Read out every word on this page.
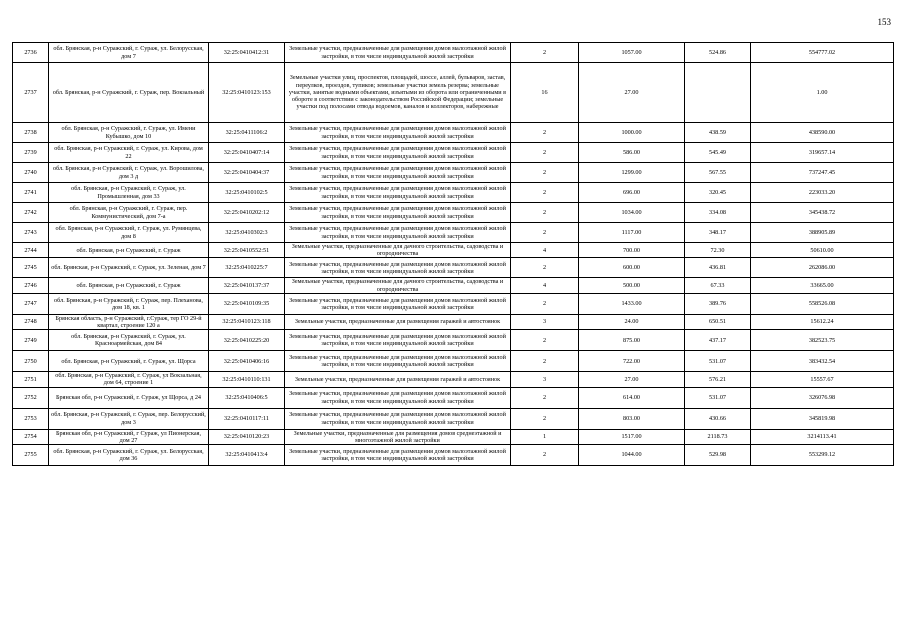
153
2736	обл. Брянская, р-н Суражский, г. Сураж, ул. Белорусская, дом 7	32:25:0410412:31	Земельные участки, предназначенные для размещения домов малоэтажной жилой застройки, в том числе индивидуальной жилой застройки	2	1057.00	524.86	554777.02
2737	обл. Брянская, р-н Суражский, г. Сураж, пер. Вокзальный	32:25:0410123:153	Земельные участки улиц, проспектов, площадей, шоссе, аллей, бульваров, застав, переулков, проездов, тупиков; земельные участки земель резерва; земельные участки, занятые водными объектами, изъятыми из оборота или ограниченными в обороте в соответствии с законодательством Российской Федерации; земельные участки под полосами отвода водоемов, каналов и коллекторов, набережные	16	27.00		1.00
2738	обл. Брянская, р-н Суражский, г. Сураж, ул. Имени Кубышко, дом 10	32:25:0411106:2	Земельные участки, предназначенные для размещения домов малоэтажной жилой застройки, в том числе индивидуальной жилой застройки	2	1000.00	438.59	438590.00
2739	обл. Брянская, р-н Суражский, г. Сураж, ул. Кирова, дом 22	32:25:0410407:14	Земельные участки, предназначенные для размещения домов малоэтажной жилой застройки, в том числе индивидуальной жилой застройки	2	586.00	545.49	319657.14
2740	обл. Брянская, р-н Суражский, г. Сураж, ул. Ворошилова, дом 3 д	32:25:0410404:37	Земельные участки, предназначенные для размещения домов малоэтажной жилой застройки, в том числе индивидуальной жилой застройки	2	1299.00	567.55	737247.45
2741	обл. Брянская, р-н Суражский, г. Сураж, ул. Промышленная, дом 33	32:25:0410102:5	Земельные участки, предназначенные для размещения домов малоэтажной жилой застройки, в том числе индивидуальной жилой застройки	2	696.00	320.45	223033.20
2742	обл. Брянская, р-н Суражский, г. Сураж, пер. Коммунистический, дом 7-а	32:25:0410202:12	Земельные участки, предназначенные для размещения домов малоэтажной жилой застройки, в том числе индивидуальной жилой застройки	2	1034.00	334.08	345438.72
2743	обл. Брянская, р-н Суражский, г. Сураж, ул. Румянцева, дом 8	32:25:0410302:3	Земельные участки, предназначенные для размещения домов малоэтажной жилой застройки, в том числе индивидуальной жилой застройки	2	1117.00	348.17	388905.89
2744	обл. Брянская, р-н Суражский, г. Сураж	32:25:0410552:51	Земельные участки, предназначенные для дачного строительства, садоводства и огородничества	4	700.00	72.30	50610.00
2745	обл. Брянская, р-н Суражский, г. Сураж, ул. Зеленая, дом 7	32:25:0410225:7	Земельные участки, предназначенные для размещения домов малоэтажной жилой застройки, в том числе индивидуальной жилой застройки	2	600.00	436.81	262086.00
2746	обл. Брянская, р-н Суражский, г. Сураж	32:25:0410137:37	Земельные участки, предназначенные для дачного строительства, садоводства и огородничества	4	500.00	67.33	33665.00
2747	обл. Брянская, р-н Суражский, г. Сураж, пер. Плеханова, дом 18, кв. 1	32:25:0410109:35	Земельные участки, предназначенные для размещения домов малоэтажной жилой застройки, в том числе индивидуальной жилой застройки	2	1433.00	389.76	558526.08
2748	Брянская область, р-н Суражский, г.Сураж, тер ГО 29-й квартал, строение 120 а	32:25:0410123:118	Земельные участки, предназначенные для размещения гаражей и автостоянок	3	24.00	650.51	15612.24
2749	обл. Брянская, р-н Суражский, г. Сураж, ул. Красноармейская, дом 84	32:25:0410225:20	Земельные участки, предназначенные для размещения домов малоэтажной жилой застройки, в том числе индивидуальной жилой застройки	2	875.00	437.17	382523.75
2750	обл. Брянская, р-н Суражский, г. Сураж, ул. Щорса	32:25:0410406:16	Земельные участки, предназначенные для размещения домов малоэтажной жилой застройки, в том числе индивидуальной жилой застройки	2	722.00	531.07	383432.54
2751	обл. Брянская, р-н Суражский, г. Сураж, ул Вокзальная, дом 64, строение 1	32:25:0410110:131	Земельные участки, предназначенные для размещения гаражей и автостоянок	3	27.00	576.21	15557.67
2752	Брянская обл, р-н Суражский, г. Сураж, ул Щорса, д 24	32:25:0410406:5	Земельные участки, предназначенные для размещения домов малоэтажной жилой застройки, в том числе индивидуальной жилой застройки	2	614.00	531.07	326076.98
2753	обл. Брянская, р-н Суражский, г. Сураж, пер. Белорусский, дом 3	32:25:0410117:11	Земельные участки, предназначенные для размещения домов малоэтажной жилой застройки, в том числе индивидуальной жилой застройки	2	803.00	430.66	345819.98
2754	Брянская обл, р-н Суражский, г Сураж, ул Пионерская, дом 27	32:25:0410120:23	Земельные участки, предназначенные для размещения домов среднеэтажной и многоэтажной жилой застройки	1	1517.00	2118.73	3214113.41
2755	обл. Брянская, р-н Суражский, г. Сураж, ул. Белорусская, дом 36	32:25:0410413:4	Земельные участки, предназначенные для размещения домов малоэтажной жилой застройки, в том числе индивидуальной жилой застройки	2	1044.00	529.98	553299.12
